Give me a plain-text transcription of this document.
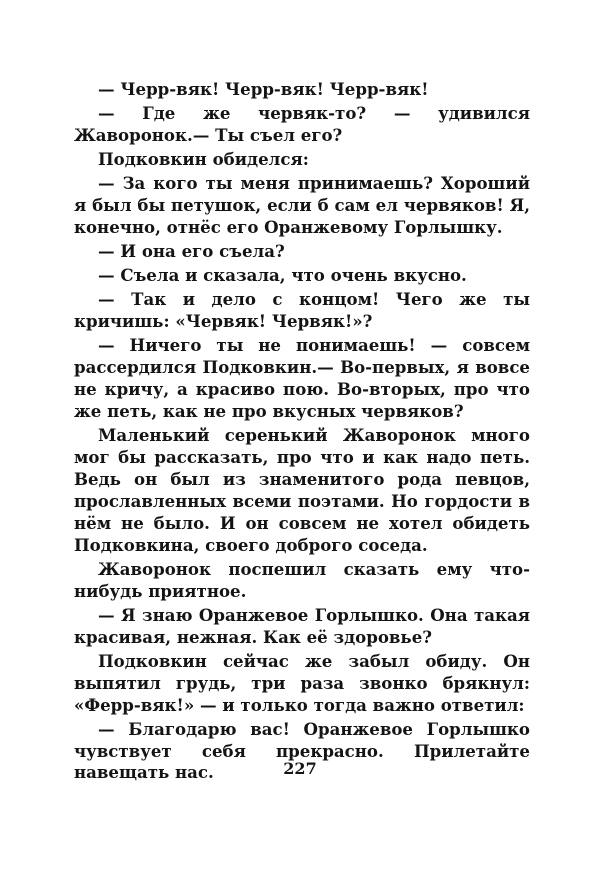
— Черр-вяк! Черр-вяк! Черр-вяк!

— Где же червяк-то? — удивился Жаворонок.— Ты съел его?

Подковкин обиделся:

— За кого ты меня принимаешь? Хороший я был бы петушок, если б сам ел червяков! Я, конечно, отнёс его Оранжевому Горлышку.

— И она его съела?

— Съела и сказала, что очень вкусно.

— Так и дело с концом! Чего же ты кричишь: «Червяк! Червяк!»?

— Ничего ты не понимаешь! — совсем рассердился Подковкин.— Во-первых, я вовсе не кричу, а красиво пою. Во-вторых, про что же петь, как не про вкусных червяков?

Маленький серенький Жаворонок много мог бы рассказать, про что и как надо петь. Ведь он был из знаменитого рода певцов, прославленных всеми поэтами. Но гордости в нём не было. И он совсем не хотел обидеть Подковкина, своего доброго соседа.

Жаворонок поспешил сказать ему что-нибудь приятное.

— Я знаю Оранжевое Горлышко. Она такая красивая, нежная. Как её здоровье?

Подковкин сейчас же забыл обиду. Он выпятил грудь, три раза звонко брякнул: «Ферр-вяк!» — и только тогда важно ответил:

— Благодарю вас! Оранжевое Горлышко чувствует себя прекрасно. Прилетайте навещать нас.	227
